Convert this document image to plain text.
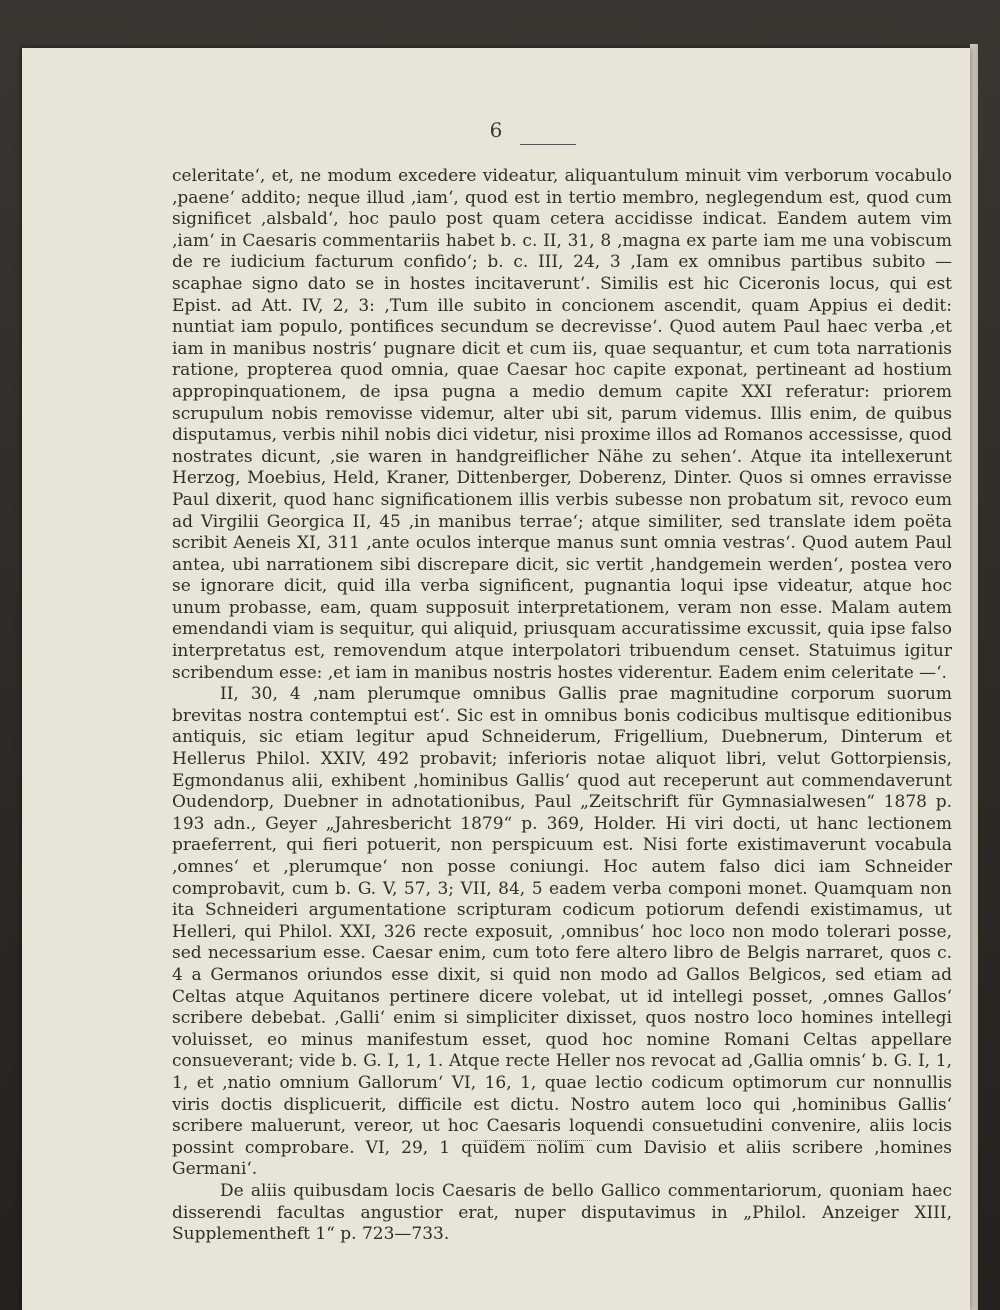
6

celeritate‘, et, ne modum excedere videatur, aliquantulum minuit vim verborum vocabulo ‚paene‘ addito; neque illud ‚iam‘, quod est in tertio membro, neglegendum est, quod cum significet ‚alsbald‘, hoc paulo post quam cetera accidisse indicat. Eandem autem vim ‚iam‘ in Caesaris commentariis habet b. c. II, 31, 8 ‚magna ex parte iam me una vobiscum de re iudicium facturum confido‘; b. c. III, 24, 3 ‚Iam ex omnibus partibus subito — scaphae signo dato se in hostes incitaverunt‘. Similis est hic Ciceronis locus, qui est Epist. ad Att. IV, 2, 3: ‚Tum ille subito in concionem ascendit, quam Appius ei dedit: nuntiat iam populo, pontifices secundum se decrevisse‘. Quod autem Paul haec verba ‚et iam in manibus nostris‘ pugnare dicit et cum iis, quae sequantur, et cum tota narrationis ratione, propterea quod omnia, quae Caesar hoc capite exponat, pertineant ad hostium appropinquationem, de ipsa pugna a medio demum capite XXI referatur: priorem scrupulum nobis removisse videmur, alter ubi sit, parum videmus. Illis enim, de quibus disputamus, verbis nihil nobis dici videtur, nisi proxime illos ad Romanos accessisse, quod nostrates dicunt, ‚sie waren in handgreiflicher Nähe zu sehen‘. Atque ita intellexerunt Herzog, Moebius, Held, Kraner, Dittenberger, Doberenz, Dinter. Quos si omnes erravisse Paul dixerit, quod hanc significationem illis verbis subesse non probatum sit, revoco eum ad Virgilii Georgica II, 45 ‚in manibus terrae‘; atque similiter, sed translate idem poëta scribit Aeneis XI, 311 ‚ante oculos interque manus sunt omnia vestras‘. Quod autem Paul antea, ubi narrationem sibi discrepare dicit, sic vertit ‚handgemein werden‘, postea vero se ignorare dicit, quid illa verba significent, pugnantia loqui ipse videatur, atque hoc unum probasse, eam, quam supposuit interpretationem, veram non esse. Malam autem emendandi viam is sequitur, qui aliquid, priusquam accuratissime excussit, quia ipse falso interpretatus est, removendum atque interpolatori tribuendum censet. Statuimus igitur scribendum esse: ‚et iam in manibus nostris hostes viderentur. Eadem enim celeritate —‘.

II, 30, 4 ‚nam plerumque omnibus Gallis prae magnitudine corporum suorum brevitas nostra contemptui est‘. Sic est in omnibus bonis codicibus multisque editionibus antiquis, sic etiam legitur apud Schneiderum, Frigellium, Duebnerum, Dinterum et Hellerus Philol. XXIV, 492 probavit; inferioris notae aliquot libri, velut Gottorpiensis, Egmondanus alii, exhibent ‚hominibus Gallis‘ quod aut receperunt aut commendaverunt Oudendorp, Duebner in adnotationibus, Paul „Zeitschrift für Gymnasialwesen“ 1878 p. 193 adn., Geyer „Jahresbericht 1879“ p. 369, Holder. Hi viri docti, ut hanc lectionem praeferrent, qui fieri potuerit, non perspicuum est. Nisi forte existimaverunt vocabula ‚omnes‘ et ‚plerumque‘ non posse coniungi. Hoc autem falso dici iam Schneider comprobavit, cum b. G. V, 57, 3; VII, 84, 5 eadem verba componi monet. Quamquam non ita Schneideri argumentatione scripturam codicum potiorum defendi existimamus, ut Helleri, qui Philol. XXI, 326 recte exposuit, ‚omnibus‘ hoc loco non modo tolerari posse, sed necessarium esse. Caesar enim, cum toto fere altero libro de Belgis narraret, quos c. 4 a Germanos oriundos esse dixit, si quid non modo ad Gallos Belgicos, sed etiam ad Celtas atque Aquitanos pertinere dicere volebat, ut id intellegi posset, ‚omnes Gallos‘ scribere debebat. ‚Galli‘ enim si simpliciter dixisset, quos nostro loco homines intellegi voluisset, eo minus manifestum esset, quod hoc nomine Romani Celtas appellare consueverant; vide b. G. I, 1, 1. Atque recte Heller nos revocat ad ‚Gallia omnis‘ b. G. I, 1, 1, et ‚natio omnium Gallorum‘ VI, 16, 1, quae lectio codicum optimorum cur nonnullis viris doctis displicuerit, difficile est dictu. Nostro autem loco qui ‚hominibus Gallis‘ scribere maluerunt, vereor, ut hoc Caesaris loquendi consuetudini convenire, aliis locis possint comprobare. VI, 29, 1 quidem nolim cum Davisio et aliis scribere ‚homines Germani‘.

De aliis quibusdam locis Caesaris de bello Gallico commentariorum, quoniam haec disserendi facultas angustior erat, nuper disputavimus in „Philol. Anzeiger XIII, Supplementheft 1“ p. 723—733.
